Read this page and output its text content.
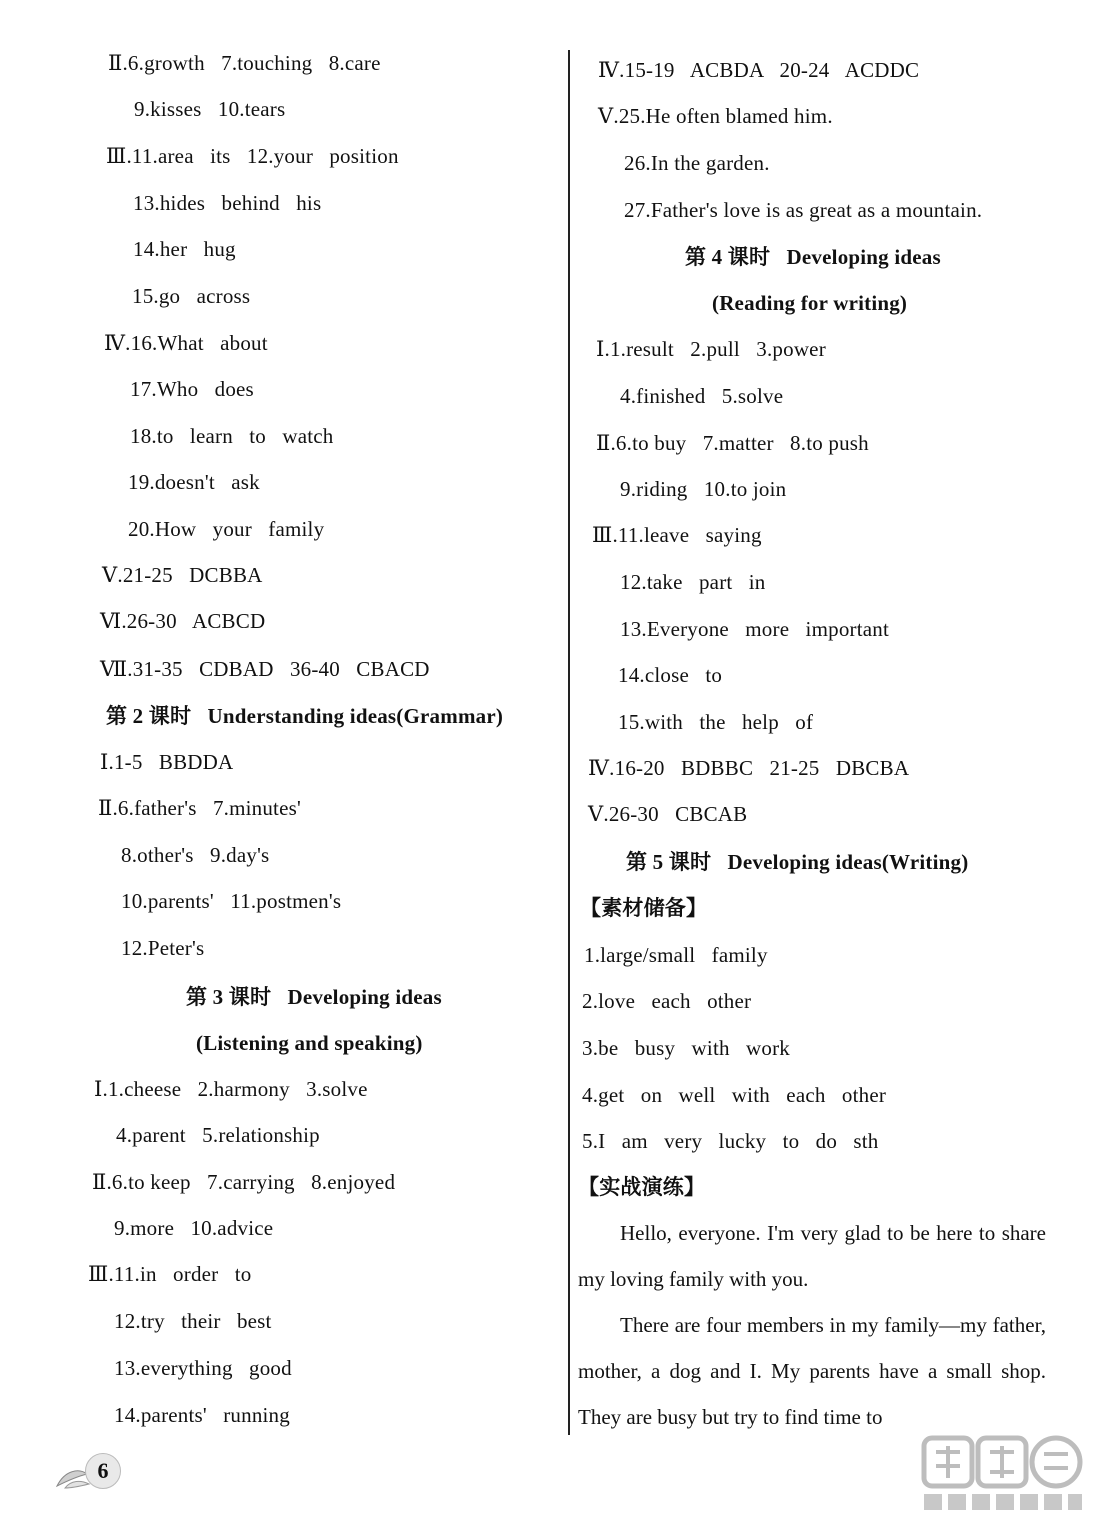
Ⅱ.6.growth   7.touching   8.care
9.kisses   10.tears
Ⅲ.11.area   its   12.your   position
13.hides   behind   his
14.her   hug
15.go   across
Ⅳ.16.What   about
17.Who   does
18.to   learn   to   watch
19.doesn't   ask
20.How   your   family
Ⅴ.21-25   DCBBA
Ⅵ.26-30   ACBCD
Ⅶ.31-35   CDBAD   36-40   CBACD
第 2 课时   Understanding ideas(Grammar)
Ⅰ.1-5   BBDDA
Ⅱ.6.father's   7.minutes'
8.other's   9.day's
10.parents'   11.postmen's
12.Peter's
第 3 课时   Developing ideas
(Listening and speaking)
Ⅰ.1.cheese   2.harmony   3.solve
4.parent   5.relationship
Ⅱ.6.to keep   7.carrying   8.enjoyed
9.more   10.advice
Ⅲ.11.in   order   to
12.try   their   best
13.everything   good
14.parents'   running
Ⅳ.15-19   ACBDA   20-24   ACDDC
Ⅴ.25.He often blamed him.
26.In the garden.
27.Father's love is as great as a mountain.
第 4 课时   Developing ideas
(Reading for writing)
Ⅰ.1.result   2.pull   3.power
4.finished   5.solve
Ⅱ.6.to buy   7.matter   8.to push
9.riding   10.to join
Ⅲ.11.leave   saying
12.take   part   in
13.Everyone   more   important
14.close   to
15.with   the   help   of
Ⅳ.16-20   BDBBC   21-25   DBCBA
Ⅴ.26-30   CBCAB
第 5 课时   Developing ideas(Writing)
【素材储备】
1.large/small   family
2.love   each   other
3.be   busy   with   work
4.get   on   well   with   each   other
5.I   am   very   lucky   to   do   sth
【实战演练】
Hello, everyone. I'm very glad to be here to share my loving family with you.
There are four members in my family—my father, mother, a dog and I. My parents have a small shop. They are busy but try to find time to
6
